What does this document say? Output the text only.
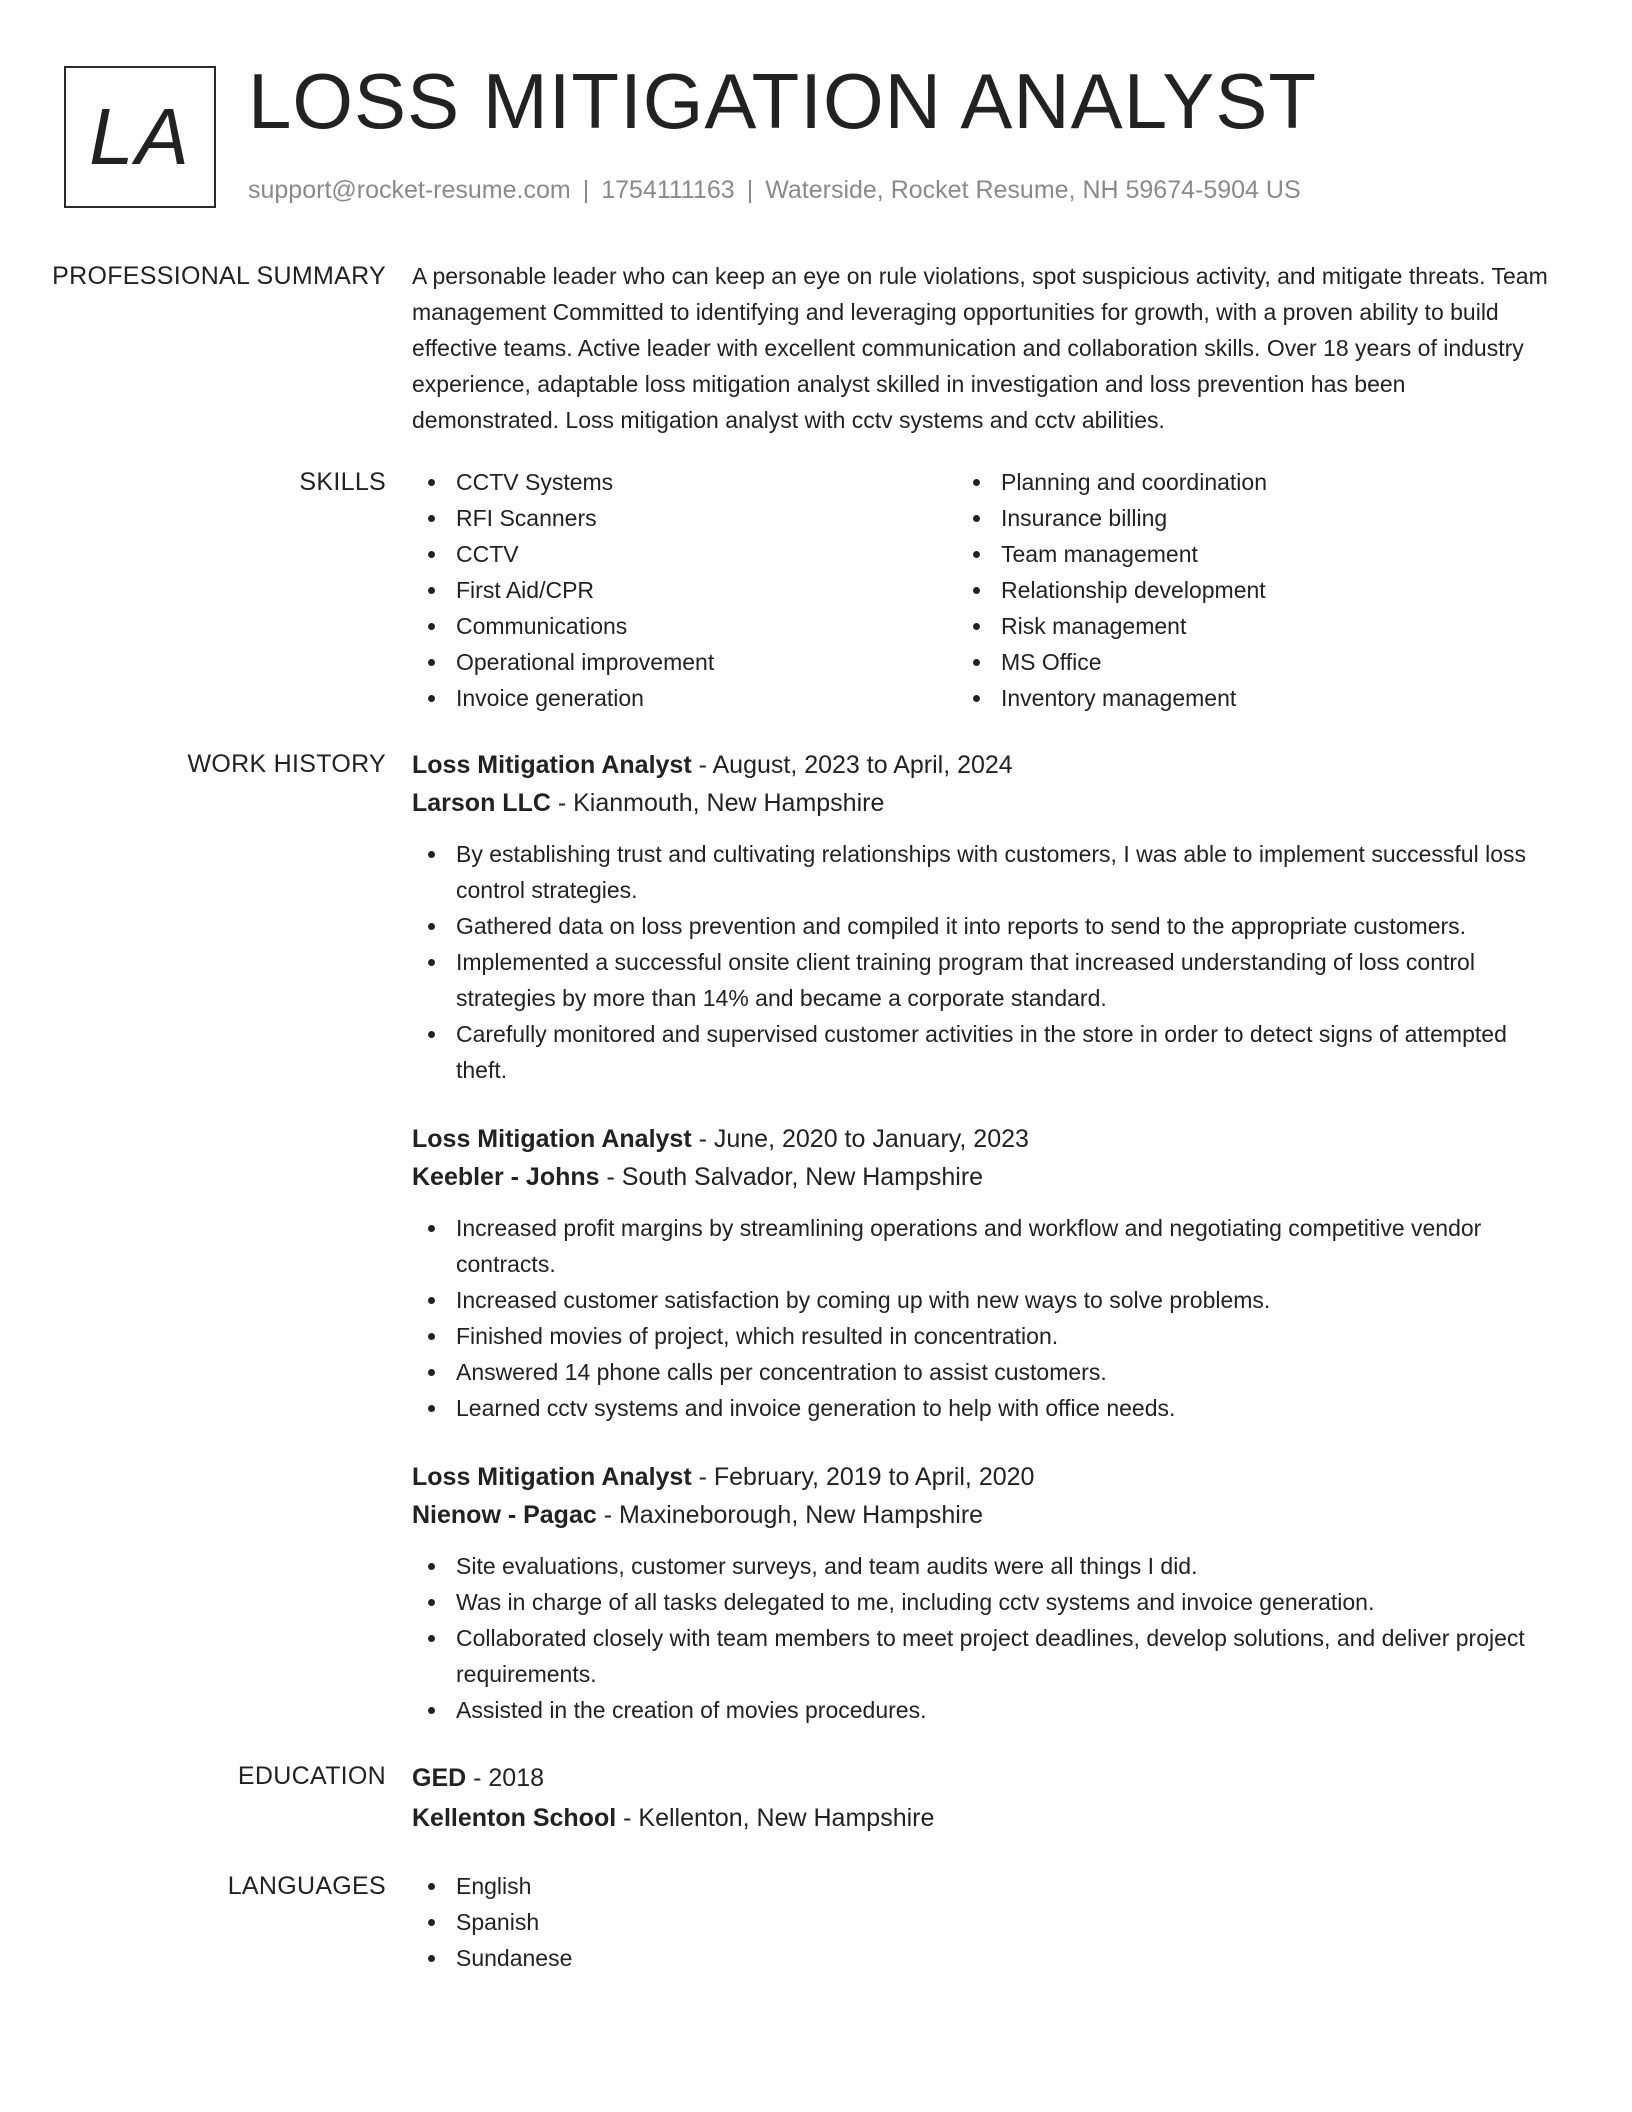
LA LOSS MITIGATION ANALYST
support@rocket-resume.com | 1754111163 | Waterside, Rocket Resume, NH 59674-5904 US
PROFESSIONAL SUMMARY	A personable leader who can keep an eye on rule violations, spot suspicious activity, and mitigate threats. Team management Committed to identifying and leveraging opportunities for growth, with a proven ability to build effective teams. Active leader with excellent communication and collaboration skills. Over 18 years of industry experience, adaptable loss mitigation analyst skilled in investigation and loss prevention has been demonstrated. Loss mitigation analyst with cctv systems and cctv abilities.
SKILLS	CCTV Systems
RFI Scanners
CCTV
First Aid/CPR
Communications
Operational improvement
Invoice generation
Planning and coordination
Insurance billing
Team management
Relationship development
Risk management
MS Office
Inventory management
WORK HISTORY	Loss Mitigation Analyst - August, 2023 to April, 2024
Larson LLC - Kianmouth, New Hampshire
By establishing trust and cultivating relationships with customers, I was able to implement successful loss control strategies.
Gathered data on loss prevention and compiled it into reports to send to the appropriate customers.
Implemented a successful onsite client training program that increased understanding of loss control strategies by more than 14% and became a corporate standard.
Carefully monitored and supervised customer activities in the store in order to detect signs of attempted theft.
Loss Mitigation Analyst - June, 2020 to January, 2023
Keebler - Johns - South Salvador, New Hampshire
Increased profit margins by streamlining operations and workflow and negotiating competitive vendor contracts.
Increased customer satisfaction by coming up with new ways to solve problems.
Finished movies of project, which resulted in concentration.
Answered 14 phone calls per concentration to assist customers.
Learned cctv systems and invoice generation to help with office needs.
Loss Mitigation Analyst - February, 2019 to April, 2020
Nienow - Pagac - Maxineborough, New Hampshire
Site evaluations, customer surveys, and team audits were all things I did.
Was in charge of all tasks delegated to me, including cctv systems and invoice generation.
Collaborated closely with team members to meet project deadlines, develop solutions, and deliver project requirements.
Assisted in the creation of movies procedures.
EDUCATION	GED - 2018
Kellenton School - Kellenton, New Hampshire
LANGUAGES	English
Spanish
Sundanese
